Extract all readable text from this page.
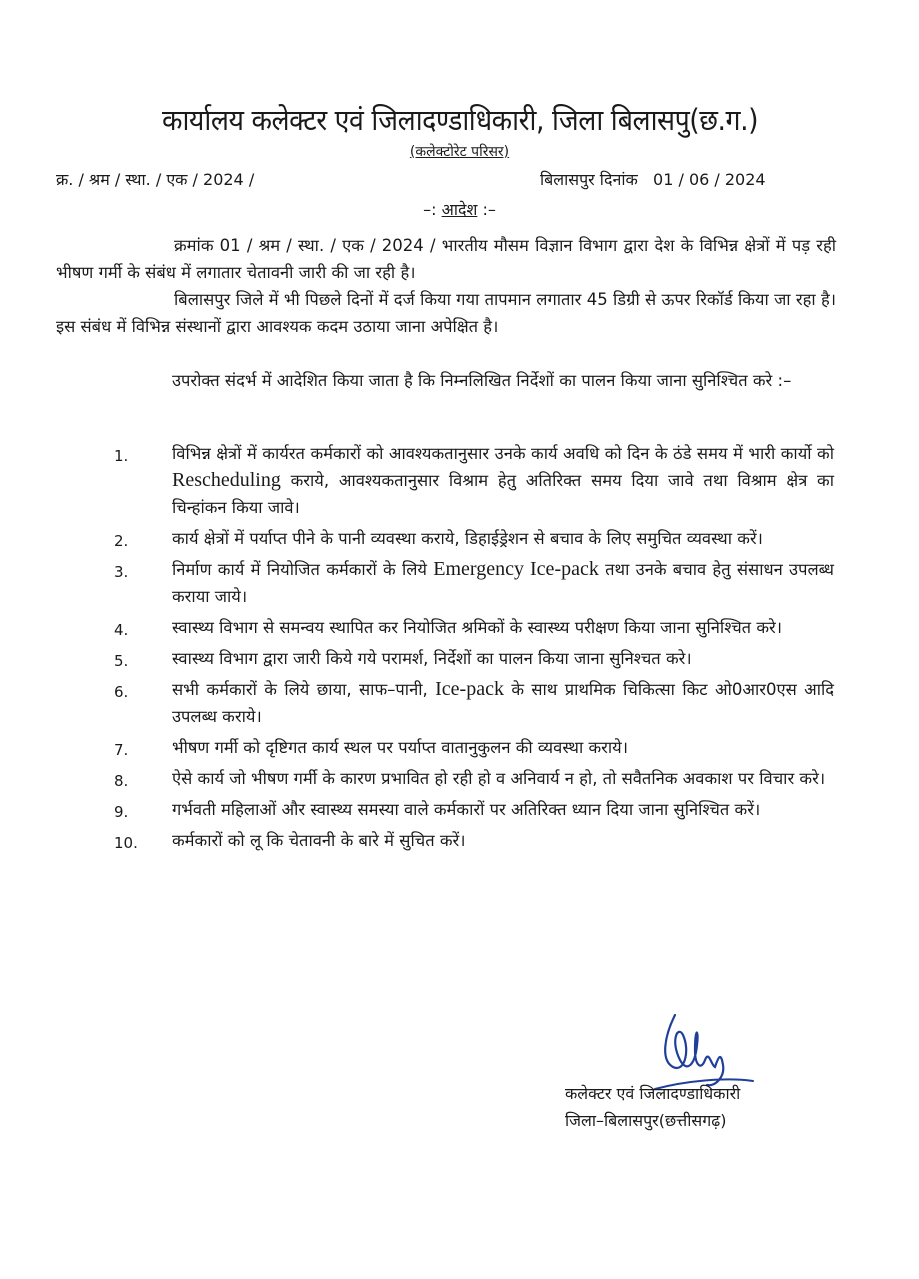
कार्यालय कलेक्टर एवं जिलादण्डाधिकारी, जिला बिलासपु(छ.ग.)
(कलेक्टोरेट परिसर)
क्र. / श्रम / स्था. / एक / 2024 /	बिलासपुर दिनांक 01 / 06 / 2024
–: आदेश :–

क्रमांक 01 / श्रम / स्था. / एक / 2024 / भारतीय मौसम विज्ञान विभाग द्वारा देश के विभिन्न क्षेत्रों में पड़ रही भीषण गर्मी के संबंध में लगातार चेतावनी जारी की जा रही है।

बिलासपुर जिले में भी पिछले दिनों में दर्ज किया गया तापमान लगातार 45 डिग्री से ऊपर रिकॉर्ड किया जा रहा है। इस संबंध में विभिन्न संस्थानों द्वारा आवश्यक कदम उठाया जाना अपेक्षित है।

उपरोक्त संदर्भ में आदेशित किया जाता है कि निम्नलिखित निर्देशों का पालन किया जाना सुनिश्चित करे :–

1.	विभिन्न क्षेत्रों में कार्यरत कर्मकारों को आवश्यकतानुसार उनके कार्य अवधि को दिन के ठंडे समय में भारी कार्यो को Rescheduling कराये, आवश्यकतानुसार विश्राम हेतु अतिरिक्त समय दिया जावे तथा विश्राम क्षेत्र का चिन्हांकन किया जावे।
2.	कार्य क्षेत्रों में पर्याप्त पीने के पानी व्यवस्था कराये, डिहाईड्रेशन से बचाव के लिए समुचित व्यवस्था करें।
3.	निर्माण कार्य में नियोजित कर्मकारों के लिये Emergency Ice-pack तथा उनके बचाव हेतु संसाधन उपलब्ध कराया जाये।
4.	स्वास्थ्य विभाग से समन्वय स्थापित कर नियोजित श्रमिकों के स्वास्थ्य परीक्षण किया जाना सुनिश्चित करे।
5.	स्वास्थ्य विभाग द्वारा जारी किये गये परामर्श, निर्देशों का पालन किया जाना सुनिश्चत करे।
6.	सभी कर्मकारों के लिये छाया, साफ–पानी, Ice-pack के साथ प्राथमिक चिकित्सा किट ओ0आर0एस आदि उपलब्ध कराये।
7.	भीषण गर्मी को दृष्टिगत कार्य स्थल पर पर्याप्त वातानुकुलन की व्यवस्था कराये।
8.	ऐसे कार्य जो भीषण गर्मी के कारण प्रभावित हो रही हो व अनिवार्य न हो, तो सवैतनिक अवकाश पर विचार करे।
9.	गर्भवती महिलाओं और स्वास्थ्य समस्या वाले कर्मकारों पर अतिरिक्त ध्यान दिया जाना सुनिश्चित करें।
10. कर्मकारों को लू कि चेतावनी के बारे में सुचित करें।
कलेक्टर एवं जिलादण्डाधिकारी
जिला–बिलासपुर(छत्तीसगढ़)
